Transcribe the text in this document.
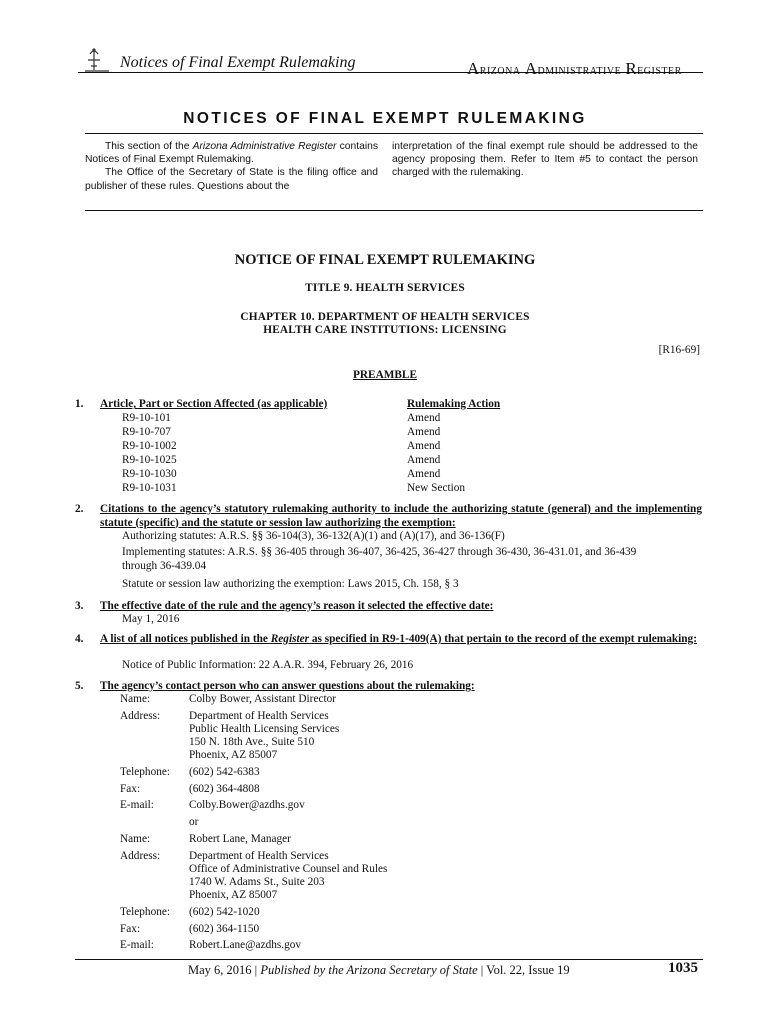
Notices of Final Exempt Rulemaking	Arizona Administrative Register
NOTICES OF FINAL EXEMPT RULEMAKING

This section of the Arizona Administrative Register contains Notices of Final Exempt Rulemaking.

The Office of the Secretary of State is the filing office and publisher of these rules. Questions about the

interpretation of the final exempt rule should be addressed to the agency proposing them. Refer to Item #5 to contact the person charged with the rulemaking.

NOTICE OF FINAL EXEMPT RULEMAKING
TITLE 9. HEALTH SERVICES
CHAPTER 10. DEPARTMENT OF HEALTH SERVICES
HEALTH CARE INSTITUTIONS: LICENSING
[R16-69]
PREAMBLE
1. Article, Part or Section Affected (as applicable)	Rulemaking Action
R9-10-101	Amend
R9-10-707	Amend
R9-10-1002	Amend
R9-10-1025	Amend
R9-10-1030	Amend
R9-10-1031	New Section
2. Citations to the agency’s statutory rulemaking authority to include the authorizing statute (general) and the implementing statute (specific) and the statute or session law authorizing the exemption:
Authorizing statutes: A.R.S. §§ 36-104(3), 36-132(A)(1) and (A)(17), and 36-136(F)
Implementing statutes: A.R.S. §§ 36-405 through 36-407, 36-425, 36-427 through 36-430, 36-431.01, and 36-439
through 36-439.04
Statute or session law authorizing the exemption: Laws 2015, Ch. 158, § 3
3. The effective date of the rule and the agency’s reason it selected the effective date:
May 1, 2016
4. A list of all notices published in the Register as specified in R9-1-409(A) that pertain to the record of the exempt rulemaking:
Notice of Public Information: 22 A.A.R. 394, February 26, 2016
5. The agency’s contact person who can answer questions about the rulemaking:
Name:	Colby Bower, Assistant Director
Address:	Department of Health Services
Public Health Licensing Services
150 N. 18th Ave., Suite 510
Phoenix, AZ 85007
Telephone: (602) 542-6383
Fax:	(602) 364-4808
E-mail:	Colby.Bower@azdhs.gov
or
Name:	Robert Lane, Manager
Address:	Department of Health Services
Office of Administrative Counsel and Rules
1740 W. Adams St., Suite 203
Phoenix, AZ 85007
Telephone: (602) 542-1020
Fax:	(602) 364-1150
E-mail:	Robert.Lane@azdhs.gov
May 6, 2016 | Published by the Arizona Secretary of State | Vol. 22, Issue 19	1035
